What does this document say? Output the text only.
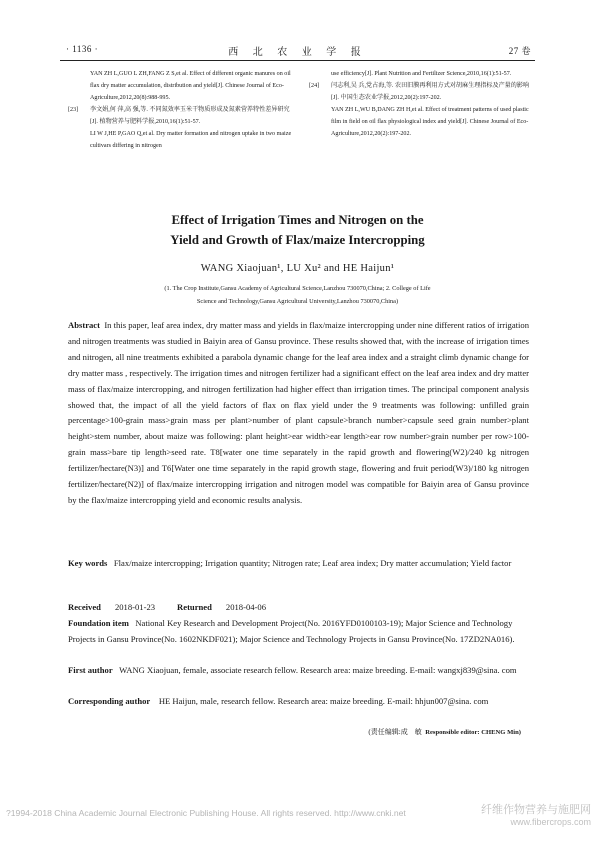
· 1136 ·	西 北 农 业 学 报	27 卷
YAN ZH L,GUO L ZH,FANG Z S,et al. Effect of different organic manures on oil flax dry matter accumulation, distribution and yield[J]. Chinese Journal of Eco-Agriculture,2012,20(8):988-995.
[23] 李文娟,何 萍,高 强,等. 不同氮效率玉米干物质形成及氮素营养特性差异研究[J]. 植物营养与肥料学报,2010,16(1):51-57.
LI W J,HE P,GAO Q,et al. Dry matter formation and nitrogen uptake in two maize cultivars differing in nitrogen
use efficiency[J]. Plant Nutrition and Fertilizer Science,2010,16(1):51-57.
[24] 闫志利,吴 兵,党占海,等. 农田旧膜再利用方式对胡麻生理指标及产量的影响[J]. 中国生态农业学报,2012,20(2):197-202.
YAN ZH L,WU B,DANG ZH H,et al. Effect of treatment patterns of used plastic film in field on oil flax physiological index and yield[J]. Chinese Journal of Eco-Agriculture,2012,20(2):197-202.
Effect of Irrigation Times and Nitrogen on the
Yield and Growth of Flax/maize Intercropping
WANG Xiaojuan¹, LU Xu² and HE Haijun¹
(1. The Crop Institute,Gansu Academy of Agricultural Science,Lanzhou 730070,China; 2. College of Life
Science and Technology,Gansu Agricultural University,Lanzhou 730070,China)
Abstract In this paper, leaf area index, dry matter mass and yields in flax/maize intercropping under nine different ratios of irrigation and nitrogen treatments was studied in Baiyin area of Gansu province. These results showed that, with the increase of irrigation times and nitrogen, all nine treatments exhibited a parabola dynamic change for the leaf area index and a straight climb dynamic change for dry matter mass , respectively. The irrigation times and nitrogen fertilizer had a significant effect on the leaf area index and dry matter mass of flax/maize intercropping, and nitrogen fertilization had higher effect than irrigation times. The principal component analysis showed that, the impact of all the yield factors of flax on flax yield under the 9 treatments was following: unfilled grain percentage>100-grain mass>grain mass per plant>number of plant capsule>branch number>capsule seed grain number>plant height>stem number, about maize was following: plant height>ear width>ear length>ear row number>grain number per row>100-grain mass>bare tip length>seed rate. T8[water one time separately in the rapid growth and flowering(W2)/240 kg nitrogen fertilizer/hectare(N3)] and T6[Water one time separately in the rapid growth stage, flowering and fruit period(W3)/180 kg nitrogen fertilizer/hectare(N2)] of flax/maize intercropping irrigation and nitrogen model was compatible for Baiyin area of Gansu province by the flax/maize intercropping yield and economic results analysis.
Key words Flax/maize intercropping; Irrigation quantity; Nitrogen rate; Leaf area index; Dry matter accumulation; Yield factor
Received 2018-01-23	Returned 2018-04-06
Foundation item National Key Research and Development Project(No. 2016YFD0100103-19); Major Science and Technology Projects in Gansu Province(No. 1602NKDF021); Major Science and Technology Projects in Gansu Province(No. 17ZD2NA016).
First author WANG Xiaojuan, female, associate research fellow. Research area: maize breeding. E-mail: wangxj839@sina. com
Corresponding author HE Haijun, male, research fellow. Research area: maize breeding. E-mail: hhjun007@sina. com
(责任编辑:成　敏 Responsible editor: CHENG Min)
?1994-2018 China Academic Journal Electronic Publishing House. All rights reserved. http://www.cnki.net	纤维作物营养与施肥网
www.fibercrops.com
